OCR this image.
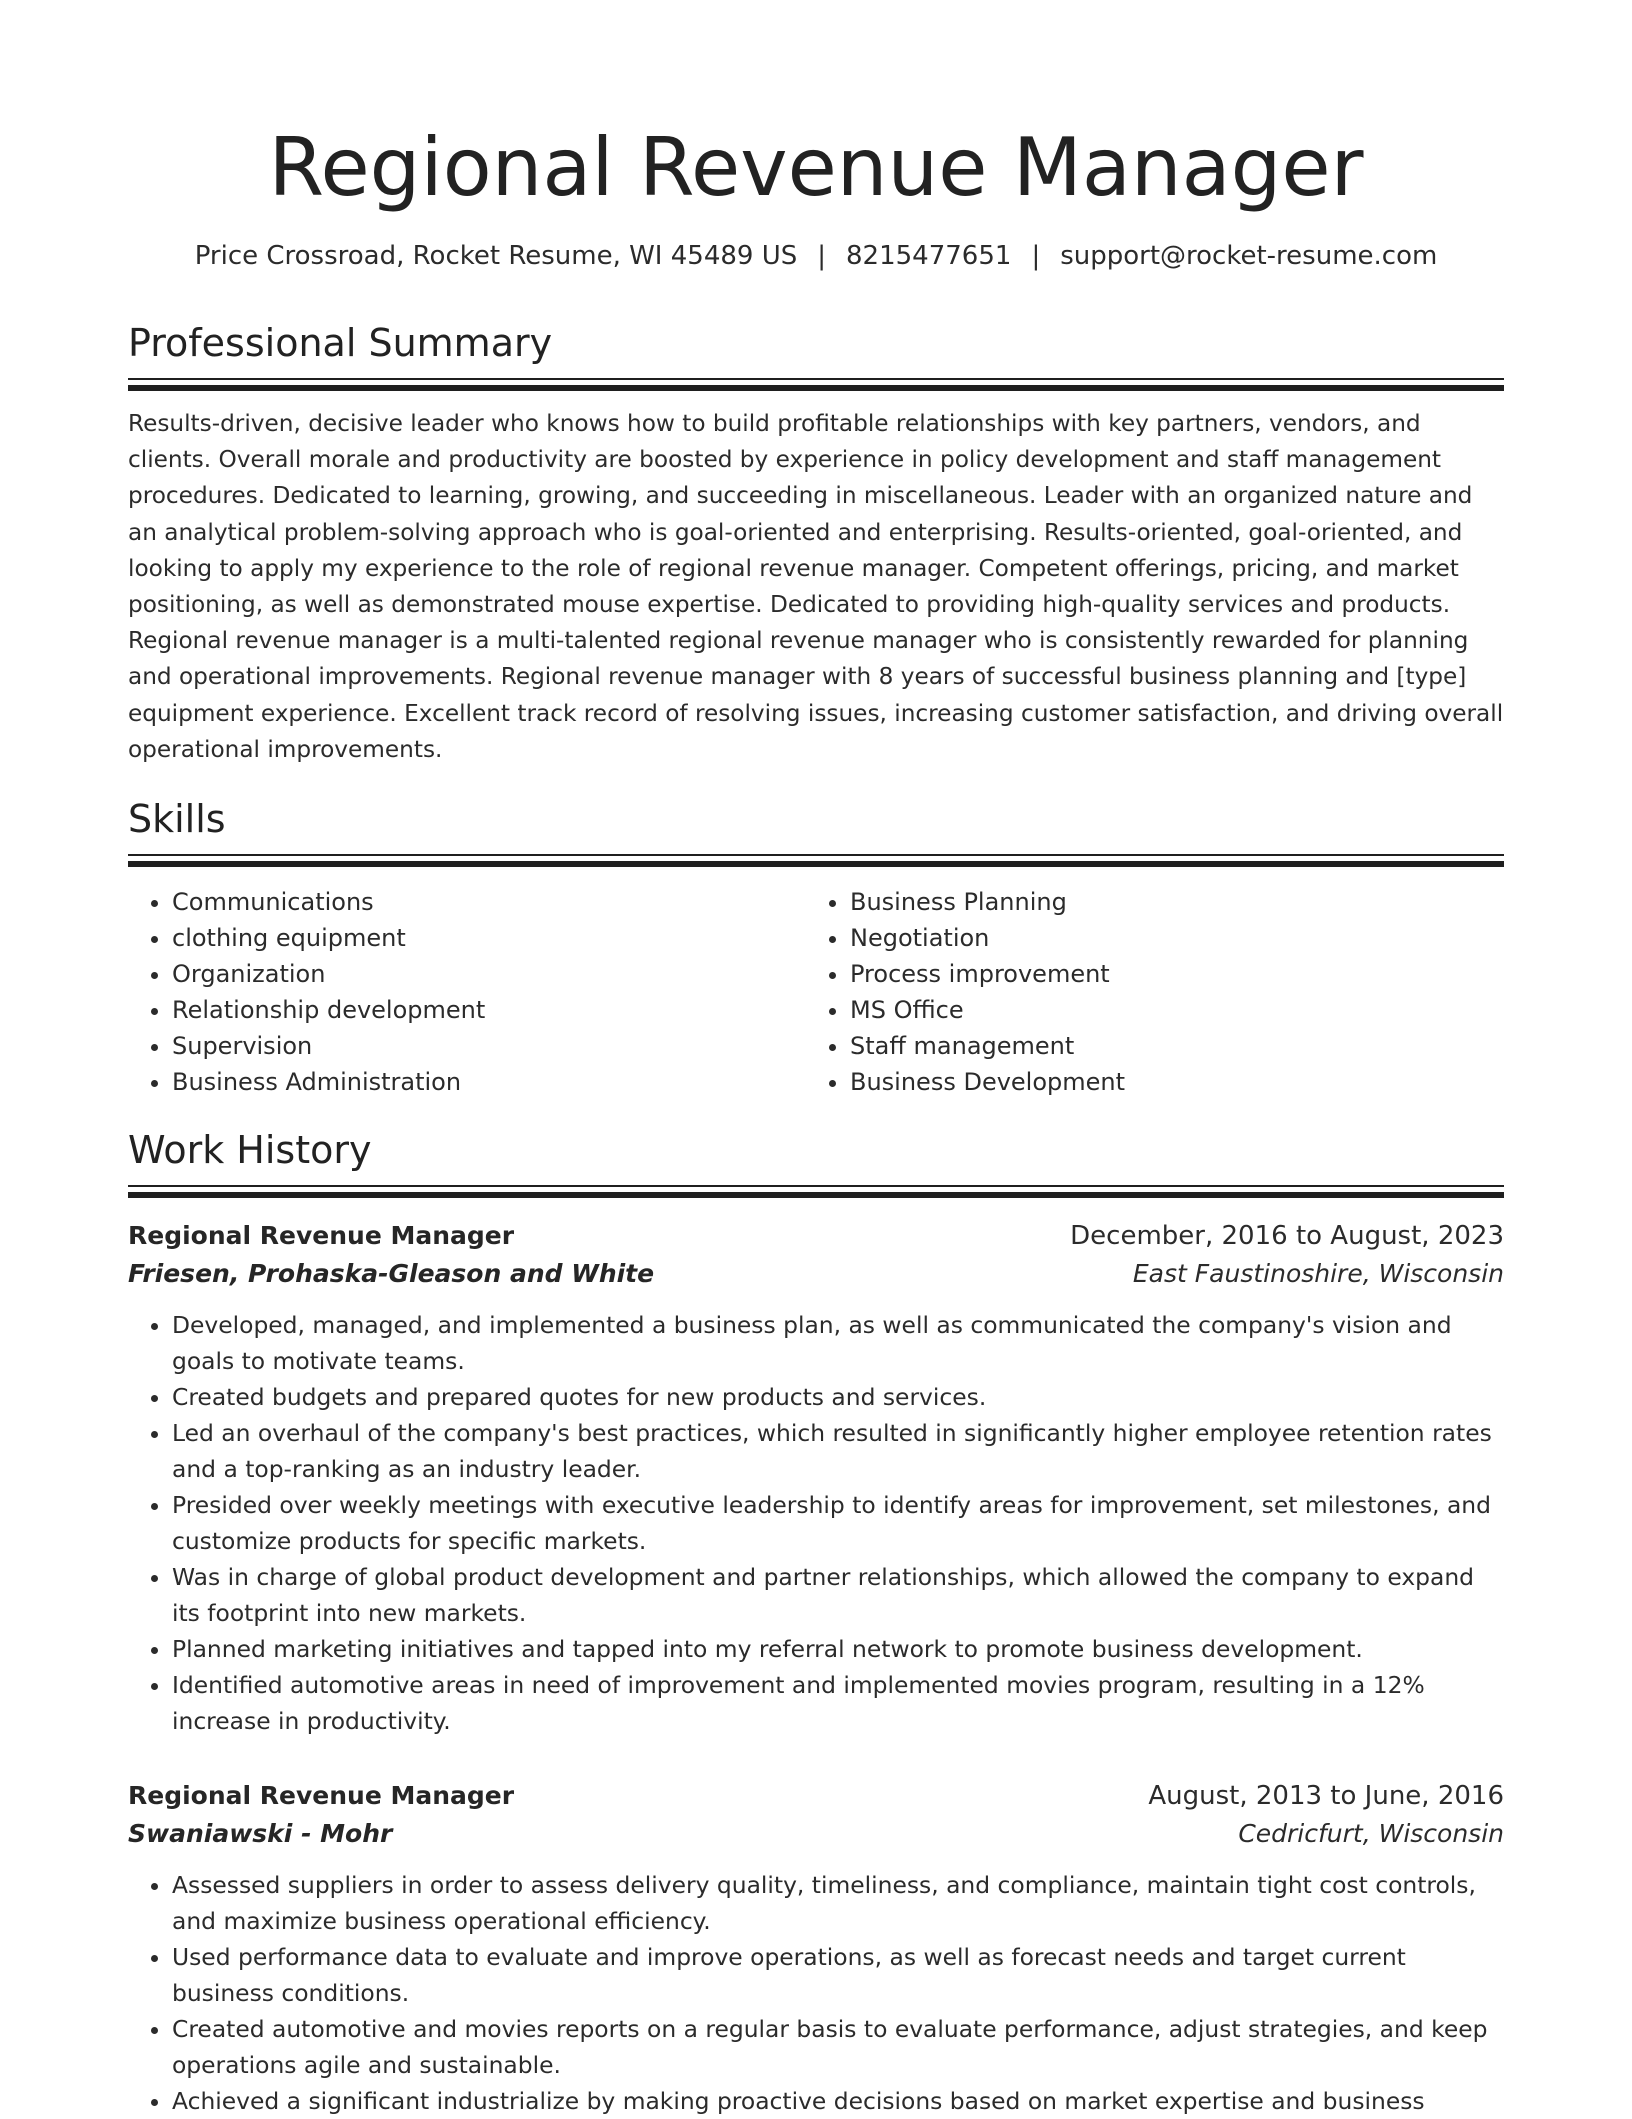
Regional Revenue Manager
Price Crossroad, Rocket Resume, WI 45489 US | 8215477651 | support@rocket-resume.com
Professional Summary

Results-driven, decisive leader who knows how to build profitable relationships with key partners, vendors, and clients. Overall morale and productivity are boosted by experience in policy development and staff management procedures. Dedicated to learning, growing, and succeeding in miscellaneous. Leader with an organized nature and an analytical problem-solving approach who is goal-oriented and enterprising. Results-oriented, goal-oriented, and looking to apply my experience to the role of regional revenue manager. Competent offerings, pricing, and market positioning, as well as demonstrated mouse expertise. Dedicated to providing high-quality services and products. Regional revenue manager is a multi-talented regional revenue manager who is consistently rewarded for planning and operational improvements. Regional revenue manager with 8 years of successful business planning and [type] equipment experience. Excellent track record of resolving issues, increasing customer satisfaction, and driving overall operational improvements.

Skills
• Communications
• clothing equipment
• Organization
• Relationship development
• Supervision
• Business Administration
• Business Planning
• Negotiation
• Process improvement
• MS Office
• Staff management
• Business Development
Work History
Regional Revenue Manager	December, 2016 to August, 2023
Friesen, Prohaska-Gleason and White	East Faustinoshire, Wisconsin
• Developed, managed, and implemented a business plan, as well as communicated the company's vision and goals to motivate teams.
• Created budgets and prepared quotes for new products and services.
• Led an overhaul of the company's best practices, which resulted in significantly higher employee retention rates and a top-ranking as an industry leader.
• Presided over weekly meetings with executive leadership to identify areas for improvement, set milestones, and customize products for specific markets.
• Was in charge of global product development and partner relationships, which allowed the company to expand its footprint into new markets.
• Planned marketing initiatives and tapped into my referral network to promote business development.
• Identified automotive areas in need of improvement and implemented movies program, resulting in a 12% increase in productivity.
Regional Revenue Manager	August, 2013 to June, 2016
Swaniawski - Mohr	Cedricfurt, Wisconsin
• Assessed suppliers in order to assess delivery quality, timeliness, and compliance, maintain tight cost controls, and maximize business operational efficiency.
• Used performance data to evaluate and improve operations, as well as forecast needs and target current business conditions.
• Created automotive and movies reports on a regular basis to evaluate performance, adjust strategies, and keep operations agile and sustainable.
• Achieved a significant industrialize by making proactive decisions based on market expertise and business
